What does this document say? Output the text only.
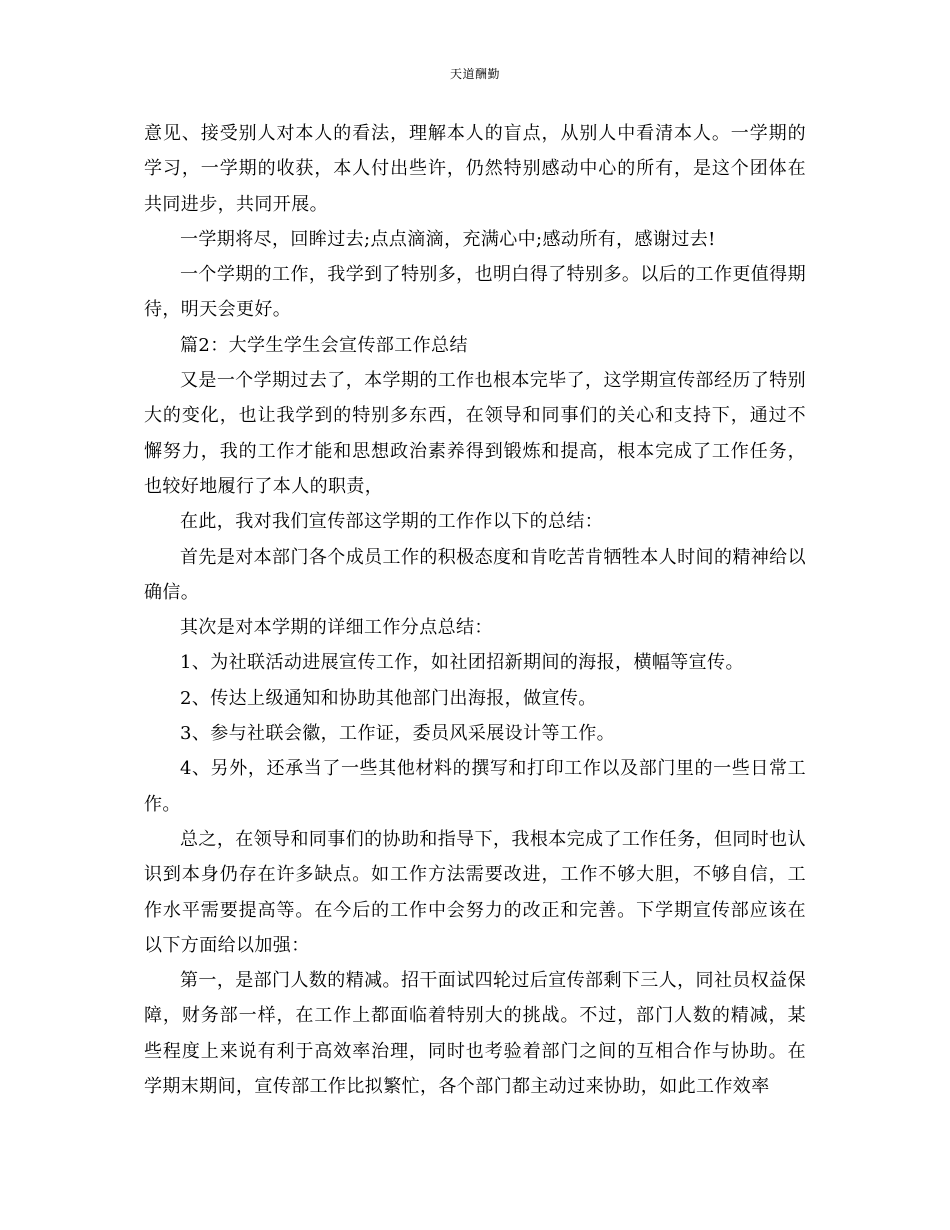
天道酬勤

意见、接受别人对本人的看法，理解本人的盲点，从别人中看清本人。一学期的学习，一学期的收获，本人付出些许，仍然特别感动中心的所有，是这个团体在共同进步，共同开展。

一学期将尽，回眸过去;点点滴滴，充满心中;感动所有，感谢过去!

一个学期的工作，我学到了特别多，也明白得了特别多。以后的工作更值得期待，明天会更好。

篇2：大学生学生会宣传部工作总结

又是一个学期过去了，本学期的工作也根本完毕了，这学期宣传部经历了特别大的变化，也让我学到的特别多东西，在领导和同事们的关心和支持下，通过不懈努力，我的工作才能和思想政治素养得到锻炼和提高，根本完成了工作任务，也较好地履行了本人的职责，

在此，我对我们宣传部这学期的工作作以下的总结：

首先是对本部门各个成员工作的积极态度和肯吃苦肯牺牲本人时间的精神给以确信。

其次是对本学期的详细工作分点总结：

1、为社联活动进展宣传工作，如社团招新期间的海报，横幅等宣传。

2、传达上级通知和协助其他部门出海报，做宣传。

3、参与社联会徽，工作证，委员风采展设计等工作。

4、另外，还承当了一些其他材料的撰写和打印工作以及部门里的一些日常工作。

总之，在领导和同事们的协助和指导下，我根本完成了工作任务，但同时也认识到本身仍存在许多缺点。如工作方法需要改进，工作不够大胆，不够自信，工作水平需要提高等。在今后的工作中会努力的改正和完善。下学期宣传部应该在以下方面给以加强：

第一，是部门人数的精减。招干面试四轮过后宣传部剩下三人，同社员权益保障，财务部一样，在工作上都面临着特别大的挑战。不过，部门人数的精减，某些程度上来说有利于高效率治理，同时也考验着部门之间的互相合作与协助。在学期末期间，宣传部工作比拟繁忙，各个部门都主动过来协助，如此工作效率
